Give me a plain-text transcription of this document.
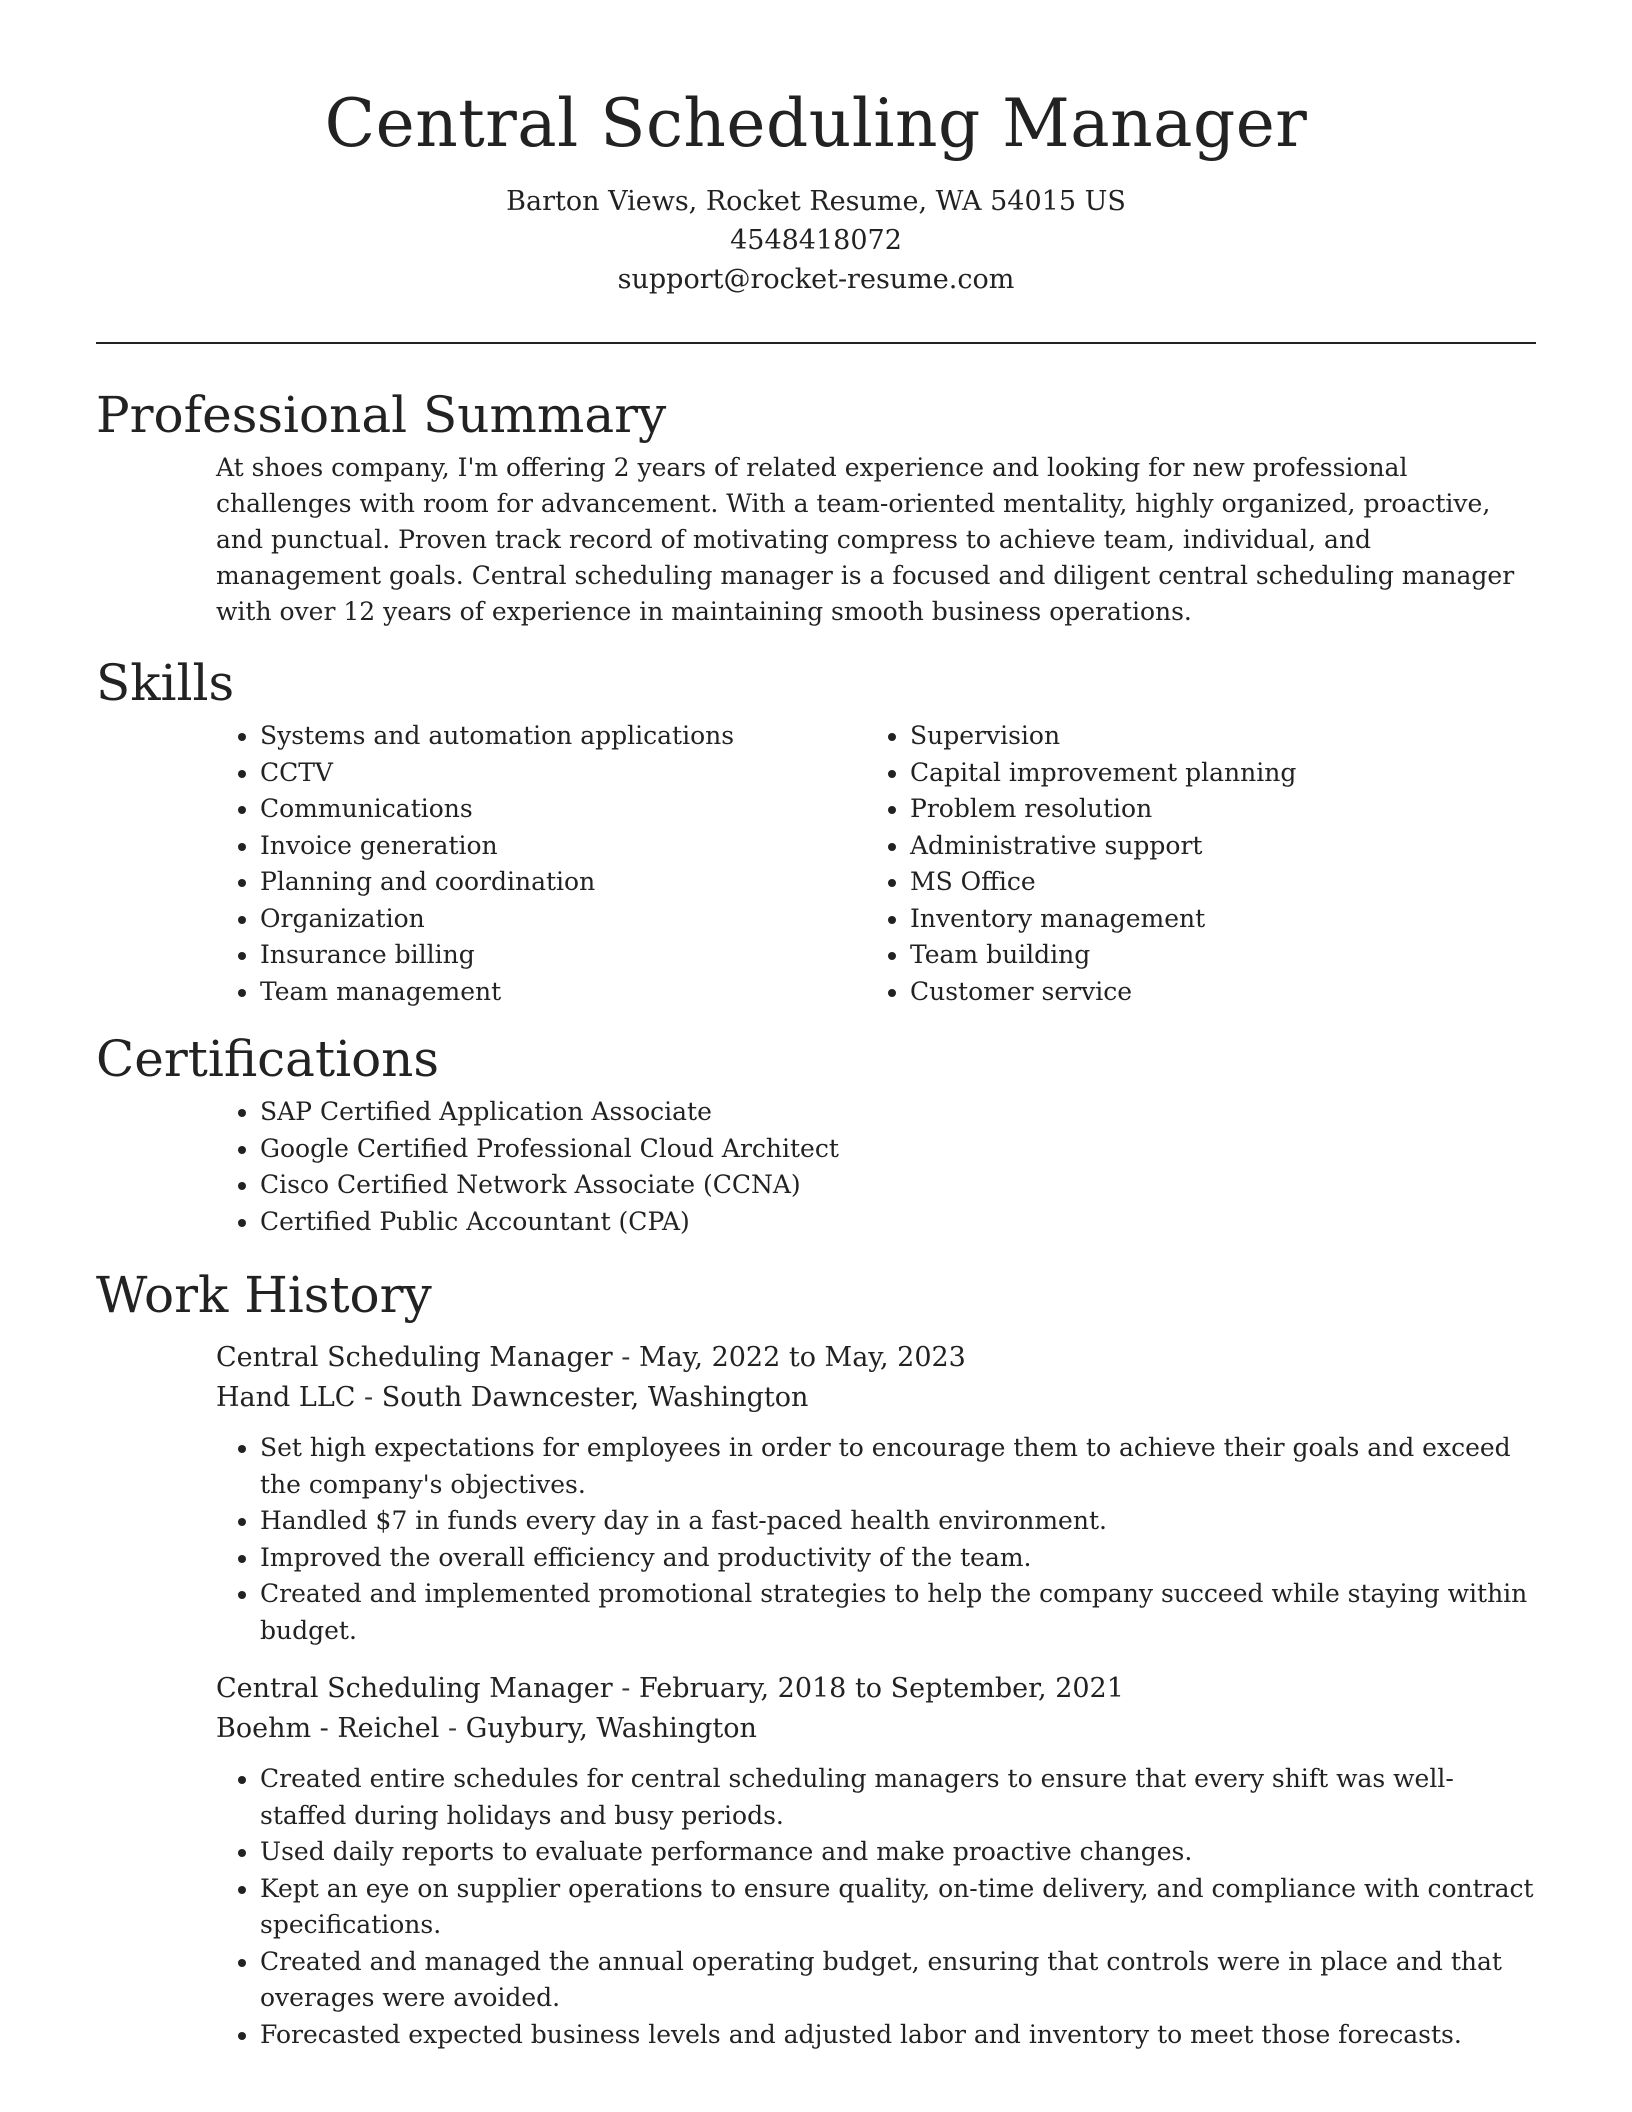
Central Scheduling Manager
Barton Views, Rocket Resume, WA 54015 US
4548418072
support@rocket-resume.com
Professional Summary

At shoes company, I'm offering 2 years of related experience and looking for new professional challenges with room for advancement. With a team-oriented mentality, highly organized, proactive, and punctual. Proven track record of motivating compress to achieve team, individual, and management goals. Central scheduling manager is a focused and diligent central scheduling manager with over 12 years of experience in maintaining smooth business operations.

Skills
• Systems and automation applications
• CCTV
• Communications
• Invoice generation
• Planning and coordination
• Organization
• Insurance billing
• Team management
• Supervision
• Capital improvement planning
• Problem resolution
• Administrative support
• MS Office
• Inventory management
• Team building
• Customer service
Certifications
• SAP Certified Application Associate
• Google Certified Professional Cloud Architect
• Cisco Certified Network Associate (CCNA)
• Certified Public Accountant (CPA)
Work History
Central Scheduling Manager - May, 2022 to May, 2023
Hand LLC - South Dawncester, Washington
• Set high expectations for employees in order to encourage them to achieve their goals and exceed the company's objectives.
• Handled $7 in funds every day in a fast-paced health environment.
• Improved the overall efficiency and productivity of the team.
• Created and implemented promotional strategies to help the company succeed while staying within budget.
Central Scheduling Manager - February, 2018 to September, 2021
Boehm - Reichel - Guybury, Washington
• Created entire schedules for central scheduling managers to ensure that every shift was well-staffed during holidays and busy periods.
• Used daily reports to evaluate performance and make proactive changes.
• Kept an eye on supplier operations to ensure quality, on-time delivery, and compliance with contract specifications.
• Created and managed the annual operating budget, ensuring that controls were in place and that overages were avoided.
• Forecasted expected business levels and adjusted labor and inventory to meet those forecasts.
